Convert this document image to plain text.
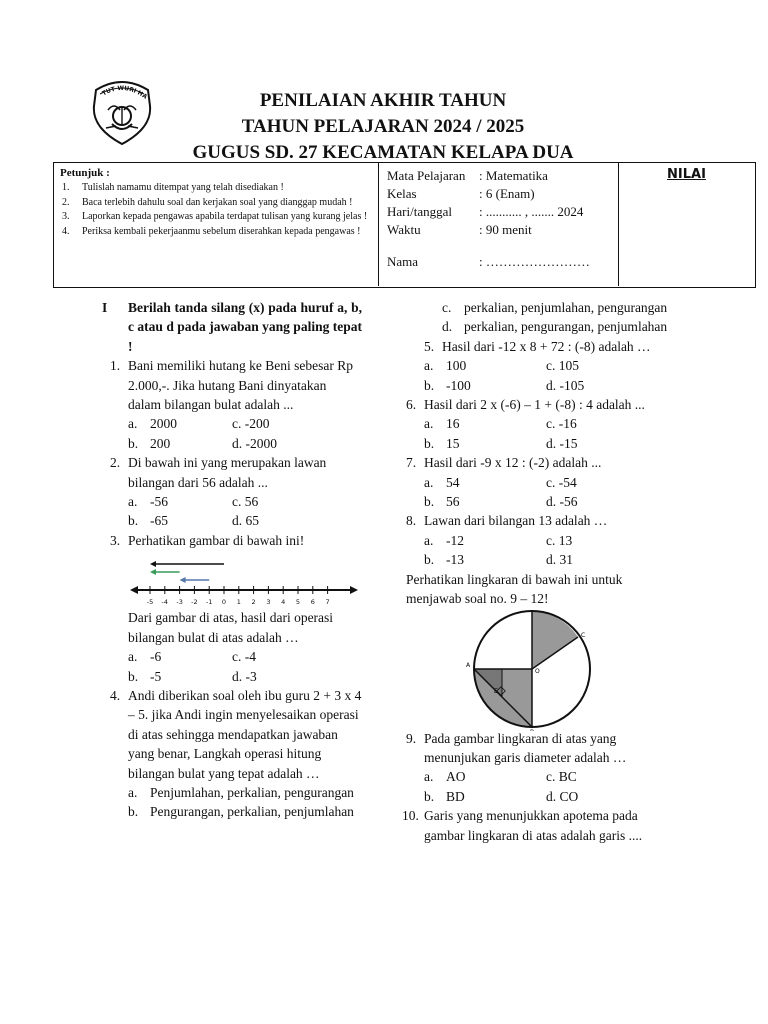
TUT WURI HA	PENILAIAN AKHIR TAHUN
TAHUN PELAJARAN 2024 / 2025
GUGUS SD. 27 KECAMATAN KELAPA DUA
Petunjuk :
1. Tulislah namamu ditempat yang telah disediakan !
2. Baca terlebih dahulu soal dan kerjakan soal yang dianggap mudah !
3. Laporkan kepada pengawas apabila terdapat tulisan yang kurang jelas !
4. Periksa kembali pekerjaanmu sebelum diserahkan kepada pengawas !
Mata Pelajaran	: Matematika
Kelas	: 6 (Enam)
Hari/tanggal	: ........... , ....... 2024
Waktu	: 90 menit
Nama	: ……………………
NILAI
I	Berilah tanda silang (x) pada huruf a, b, c atau d pada jawaban yang paling tepat !
1. Bani memiliki hutang ke Beni sebesar Rp 2.000,-. Jika hutang Bani dinyatakan dalam bilangan bulat adalah ...
a. 2000	c. -200
b. 200	d. -2000
2. Di bawah ini yang merupakan lawan bilangan dari 56 adalah ...
a. -56	c. 56
b. -65	d. 65
3. Perhatikan gambar di bawah ini!
-5 -4 -3 -2 -1 0 1 2 3 4 5 6 7
Dari gambar di atas, hasil dari operasi bilangan bulat di atas adalah …
a. -6	c. -4
b. -5	d. -3
4. Andi diberikan soal oleh ibu guru 2 + 3 x 4 – 5. jika Andi ingin menyelesaikan operasi di atas sehingga mendapatkan jawaban yang benar, Langkah operasi hitung bilangan bulat yang tepat adalah …
a. Penjumlahan, perkalian, pengurangan
b. Pengurangan, perkalian, penjumlahan
c. perkalian, penjumlahan, pengurangan
d. perkalian, pengurangan, penjumlahan
5. Hasil dari -12 x 8 + 72 : (-8) adalah …
a. 100	c. 105
b. -100	d. -105
6. Hasil dari 2 x (-6) – 1 + (-8) : 4 adalah ...
a. 16	c. -16
b. 15	d. -15
7. Hasil dari -9 x 12 : (-2) adalah ...
a. 54	c. -54
b. 56	d. -56
8. Lawan dari bilangan 13 adalah …
a. -12	c. 13
b. -13	d. 31
Perhatikan lingkaran di bawah ini untuk menjawab soal no. 9 – 12!
C
A
O
E
9. Pada gambar lingkaran di atas yang menunjukan garis diameter adalah …
a. AO	c. BC
b. BD	d. CO
10. Garis yang menunjukkan apotema pada gambar lingkaran di atas adalah garis ....
